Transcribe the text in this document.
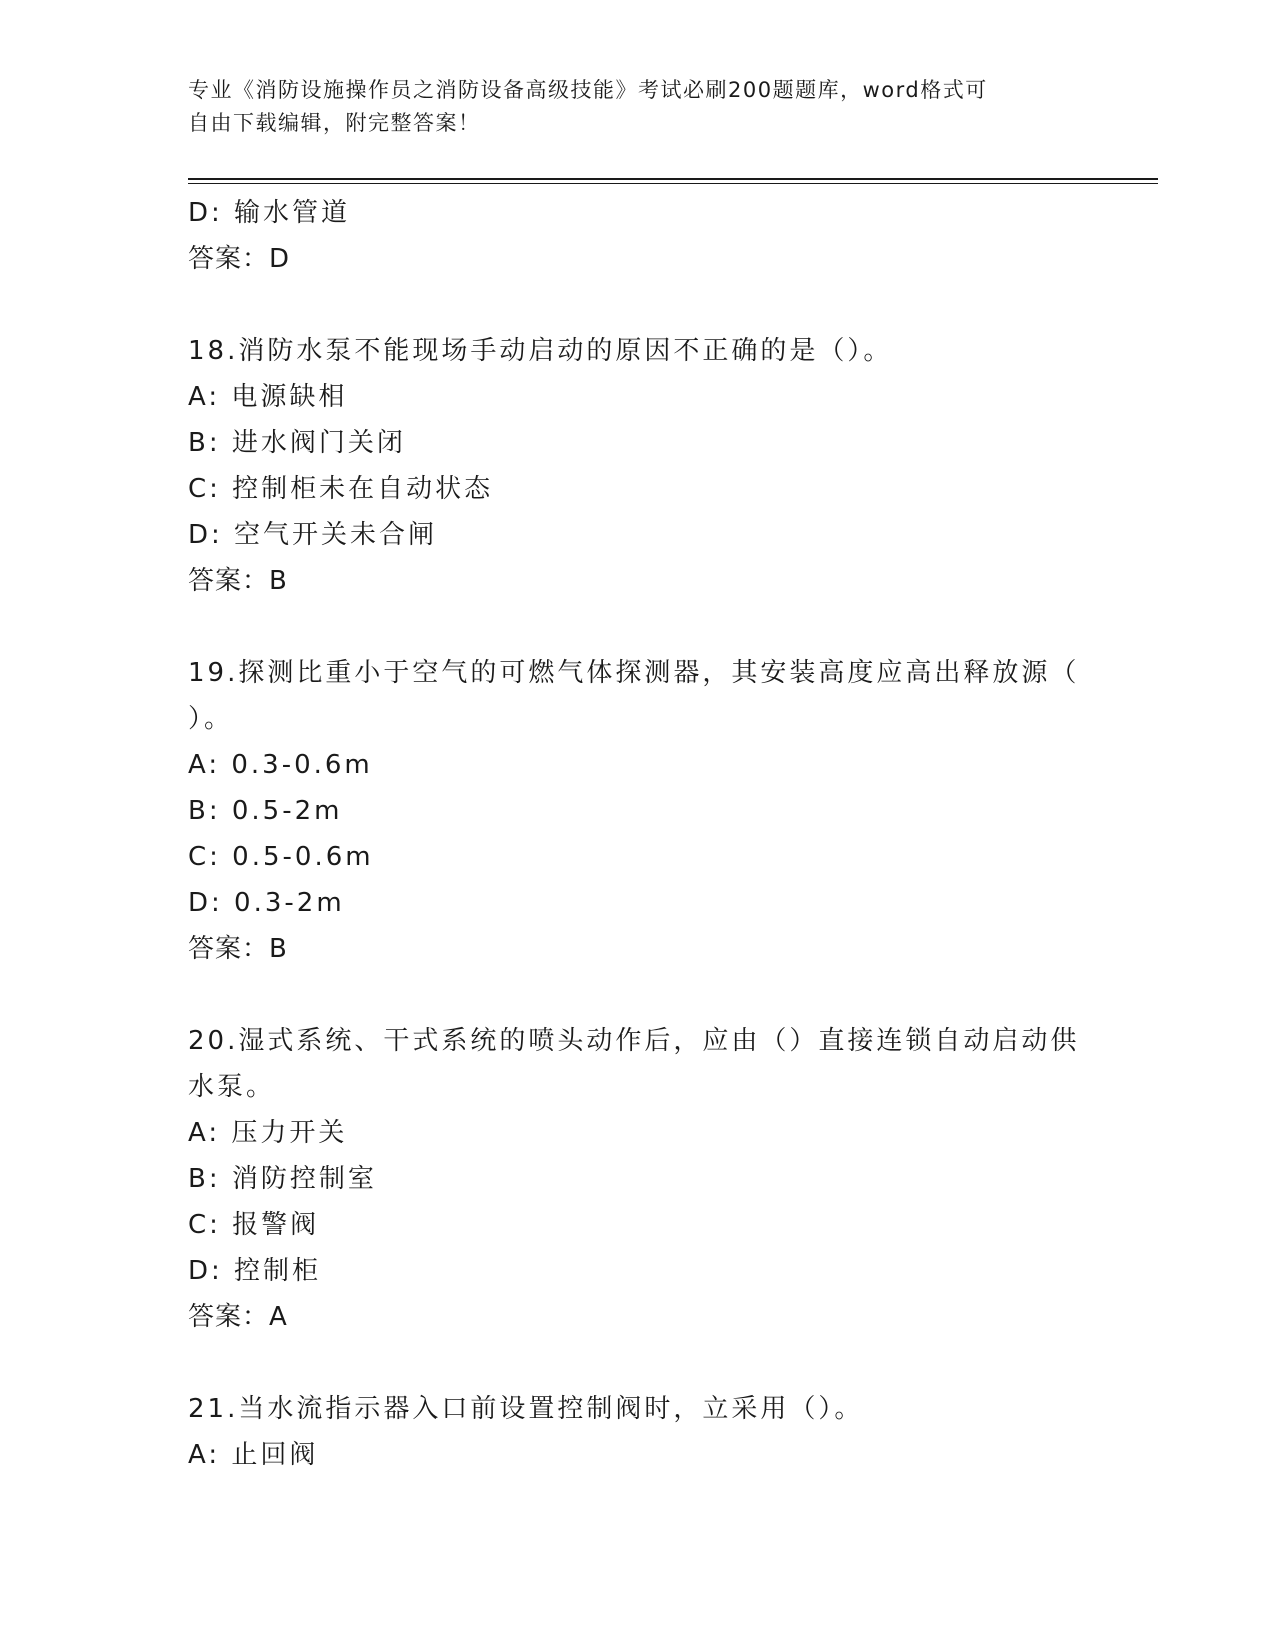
专业《消防设施操作员之消防设备高级技能》考试必刷200题题库，word格式可
自由下载编辑，附完整答案！
D: 输水管道
答案：D
18.消防水泵不能现场手动启动的原因不正确的是（）。
A: 电源缺相
B: 进水阀门关闭
C: 控制柜未在自动状态
D: 空气开关未合闸
答案：B
19.探测比重小于空气的可燃气体探测器，其安装高度应高出释放源（
）。
A: 0.3-0.6m
B: 0.5-2m
C: 0.5-0.6m
D: 0.3-2m
答案：B
20.湿式系统、干式系统的喷头动作后，应由（）直接连锁自动启动供
水泵。
A: 压力开关
B: 消防控制室
C: 报警阀
D: 控制柜
答案：A
21.当水流指示器入口前设置控制阀时，立采用（）。
A: 止回阀
